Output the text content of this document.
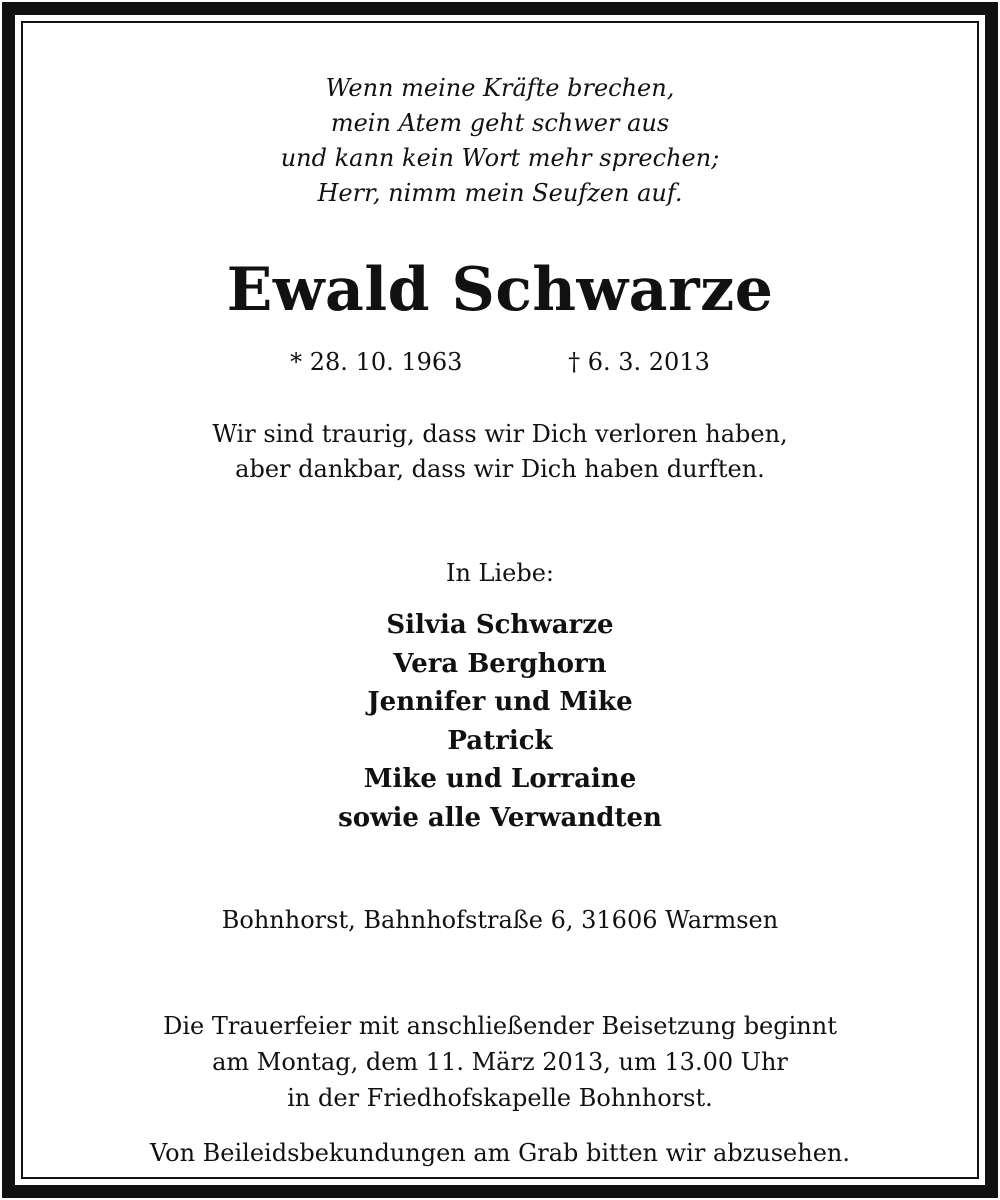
Wenn meine Kräfte brechen,
mein Atem geht schwer aus
und kann kein Wort mehr sprechen;
Herr, nimm mein Seufzen auf.
Ewald Schwarze
* 28. 10. 1963	† 6. 3. 2013
Wir sind traurig, dass wir Dich verloren haben,
aber dankbar, dass wir Dich haben durften.
In Liebe:
Silvia Schwarze
Vera Berghorn
Jennifer und Mike
Patrick
Mike und Lorraine
sowie alle Verwandten
Bohnhorst, Bahnhofstraße 6, 31606 Warmsen
Die Trauerfeier mit anschließender Beisetzung beginnt
am Montag, dem 11. März 2013, um 13.00 Uhr
in der Friedhofskapelle Bohnhorst.
Von Beileidsbekundungen am Grab bitten wir abzusehen.
